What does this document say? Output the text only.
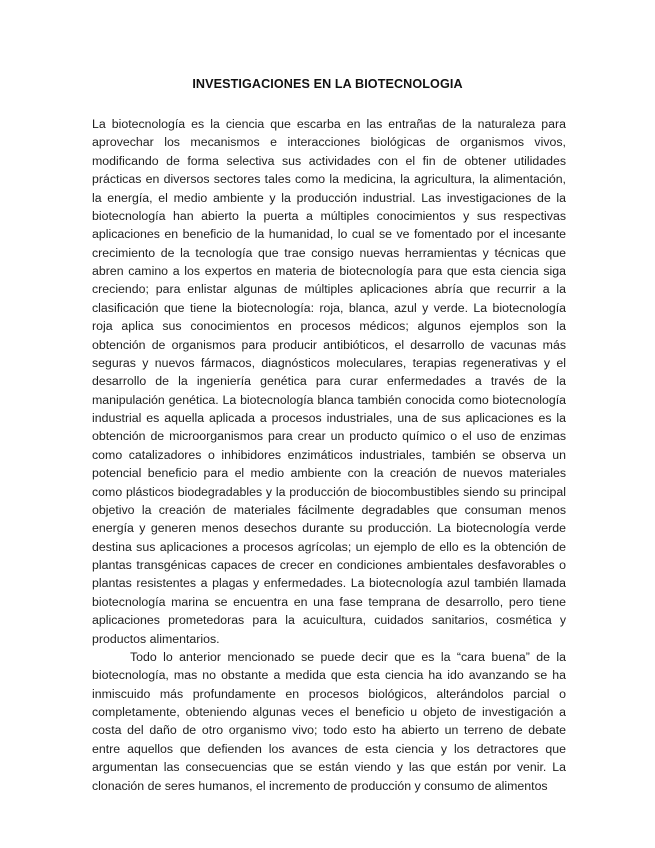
INVESTIGACIONES EN LA BIOTECNOLOGIA

La biotecnología es la ciencia que escarba en las entrañas de la naturaleza para aprovechar los mecanismos e interacciones biológicas de organismos vivos, modificando de forma selectiva sus actividades con el fin de obtener utilidades prácticas en diversos sectores tales como la medicina, la agricultura, la alimentación, la energía, el medio ambiente y la producción industrial. Las investigaciones de la biotecnología han abierto la puerta a múltiples conocimientos y sus respectivas aplicaciones en beneficio de la humanidad, lo cual se ve fomentado por el incesante crecimiento de la tecnología que trae consigo nuevas herramientas y técnicas que abren camino a los expertos en materia de biotecnología para que esta ciencia siga creciendo; para enlistar algunas de múltiples aplicaciones abría que recurrir a la clasificación que tiene la biotecnología: roja, blanca, azul y verde. La biotecnología roja aplica sus conocimientos en procesos médicos; algunos ejemplos son la obtención de organismos para producir antibióticos, el desarrollo de vacunas más seguras y nuevos fármacos, diagnósticos moleculares, terapias regenerativas y el desarrollo de la ingeniería genética para curar enfermedades a través de la manipulación genética. La biotecnología blanca también conocida como biotecnología industrial es aquella aplicada a procesos industriales, una de sus aplicaciones es la obtención de microorganismos para crear un producto químico o el uso de enzimas como catalizadores o inhibidores enzimáticos industriales, también se observa un potencial beneficio para el medio ambiente con la creación de nuevos materiales como plásticos biodegradables y la producción de biocombustibles siendo su principal objetivo la creación de materiales fácilmente degradables que consuman menos energía y generen menos desechos durante su producción. La biotecnología verde destina sus aplicaciones a procesos agrícolas; un ejemplo de ello es la obtención de plantas transgénicas capaces de crecer en condiciones ambientales desfavorables o plantas resistentes a plagas y enfermedades. La biotecnología azul también llamada biotecnología marina se encuentra en una fase temprana de desarrollo, pero tiene aplicaciones prometedoras para la acuicultura, cuidados sanitarios, cosmética y productos alimentarios.

Todo lo anterior mencionado se puede decir que es la “cara buena” de la biotecnología, mas no obstante a medida que esta ciencia ha ido avanzando se ha inmiscuido más profundamente en procesos biológicos, alterándolos parcial o completamente, obteniendo algunas veces el beneficio u objeto de investigación a costa del daño de otro organismo vivo; todo esto ha abierto un terreno de debate entre aquellos que defienden los avances de esta ciencia y los detractores que argumentan las consecuencias que se están viendo y las que están por venir. La clonación de seres humanos, el incremento de producción y consumo de alimentos
